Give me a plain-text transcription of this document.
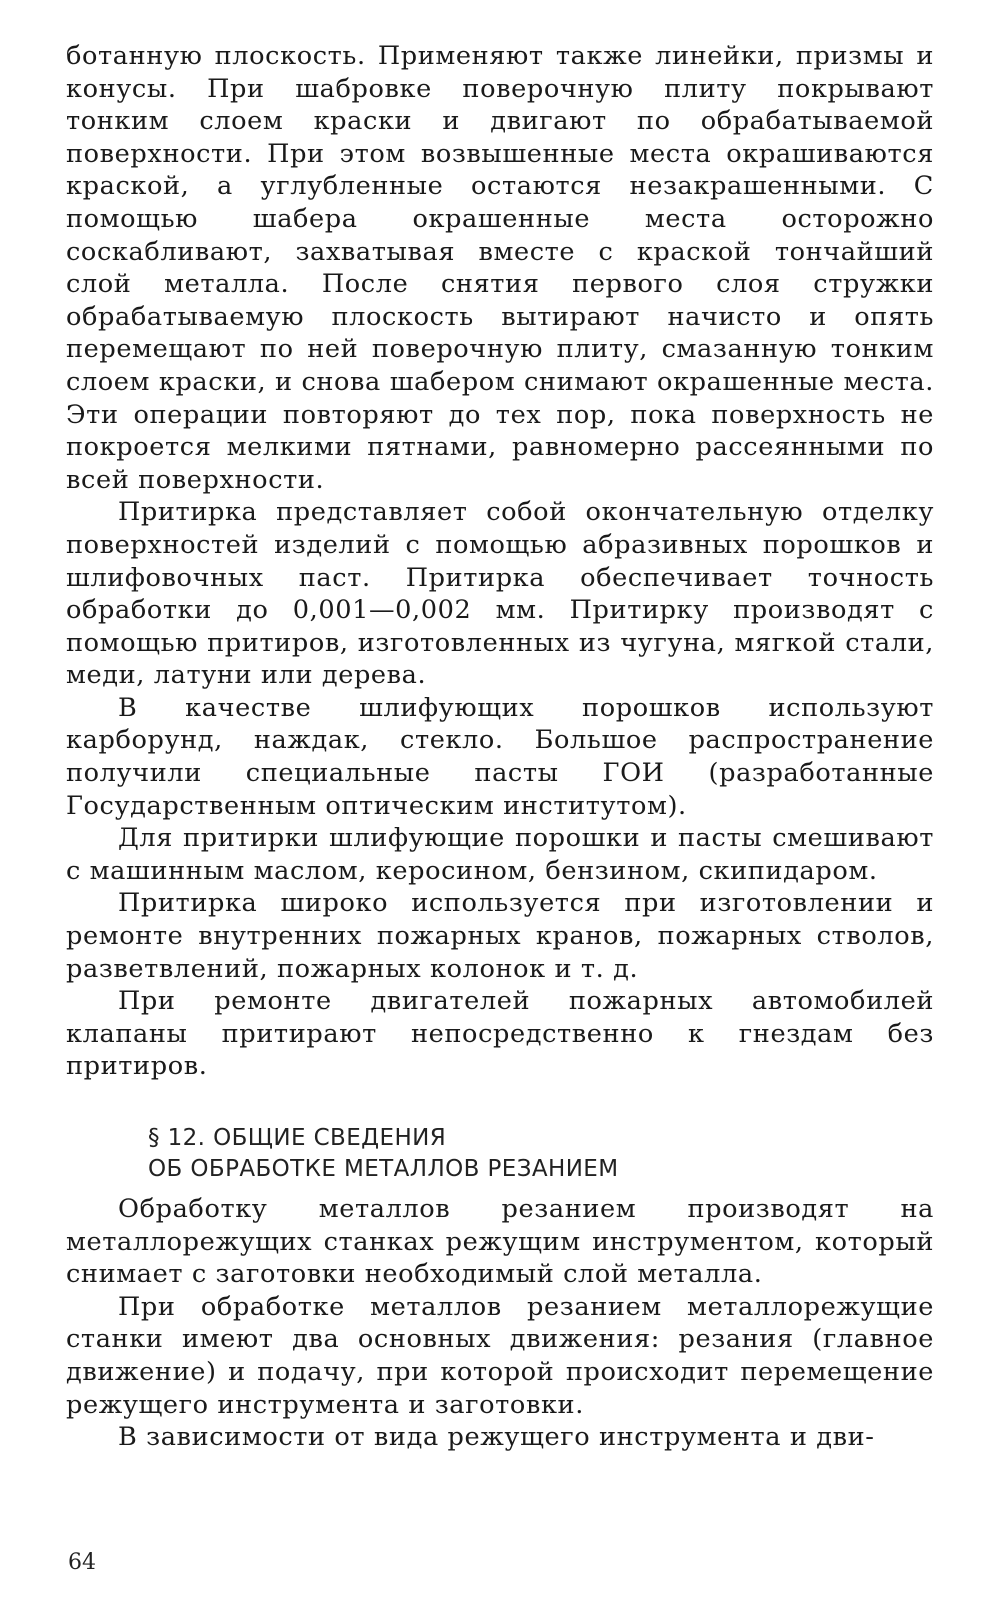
ботанную плоскость. Применяют также линейки, призмы и конусы. При шабровке поверочную плиту покрывают тонким слоем краски и двигают по обрабатываемой поверхности. При этом возвышенные места окрашиваются краской, а углубленные остаются незакрашенными. С помощью шабера окрашенные места осторожно соскабливают, захватывая вместе с краской тончайший слой металла. После снятия первого слоя стружки обрабатываемую плоскость вытирают начисто и опять перемещают по ней поверочную плиту, смазанную тонким слоем краски, и снова шабером снимают окрашенные места. Эти операции повторяют до тех пор, пока поверхность не покроется мелкими пятнами, равномерно рассеянными по всей поверхности.

Притирка представляет собой окончательную отделку поверхностей изделий с помощью абразивных порошков и шлифовочных паст. Притирка обеспечивает точность обработки до 0,001—0,002 мм. Притирку производят с помощью притиров, изготовленных из чугуна, мягкой стали, меди, латуни или дерева.

В качестве шлифующих порошков используют карборунд, наждак, стекло. Большое распространение получили специальные пасты ГОИ (разработанные Государственным оптическим институтом).

Для притирки шлифующие порошки и пасты смешивают с машинным маслом, керосином, бензином, скипидаром.

Притирка широко используется при изготовлении и ремонте внутренних пожарных кранов, пожарных стволов, разветвлений, пожарных колонок и т. д.

При ремонте двигателей пожарных автомобилей клапаны притирают непосредственно к гнездам без притиров.

§ 12. ОБЩИЕ СВЕДЕНИЯ
ОБ ОБРАБОТКЕ МЕТАЛЛОВ РЕЗАНИЕМ

Обработку металлов резанием производят на металлорежущих станках режущим инструментом, который снимает с заготовки необходимый слой металла.

При обработке металлов резанием металлорежущие станки имеют два основных движения: резания (главное движение) и подачу, при которой происходит перемещение режущего инструмента и заготовки.

В зависимости от вида режущего инструмента и дви-

64
